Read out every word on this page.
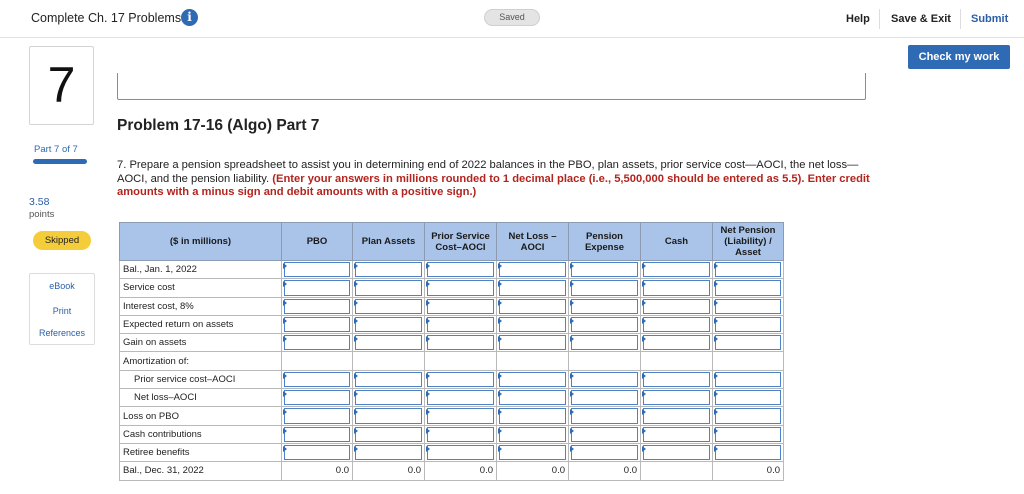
Complete Ch. 17 Problems i	Saved	Help Save & Exit Submit
Check my work
7
Part 7 of 7
3.58
points
Skipped
eBook
Print
References
Problem 17-16 (Algo) Part 7
7. Prepare a pension spreadsheet to assist you in determining end of 2022 balances in the PBO, plan assets, prior service cost—AOCI, the net loss—AOCI, and the pension liability. (Enter your answers in millions rounded to 1 decimal place (i.e., 5,500,000 should be entered as 5.5). Enter credit amounts with a minus sign and debit amounts with a positive sign.)
($ in millions)	PBO	Plan Assets	Prior Service Cost–AOCI	Net Loss –AOCI	Pension Expense	Cash	Net Pension (Liability) / Asset
Bal., Jan. 1, 2022	

Service cost	

Interest cost, 8%	

Expected return on assets	

Gain on assets	

Amortization of:							
Prior service cost–AOCI	

Net loss–AOCI	

Loss on PBO	

Cash contributions	

Retiree benefits	

Bal., Dec. 31, 2022	0.0	0.0	0.0	0.0	0.0		0.0
